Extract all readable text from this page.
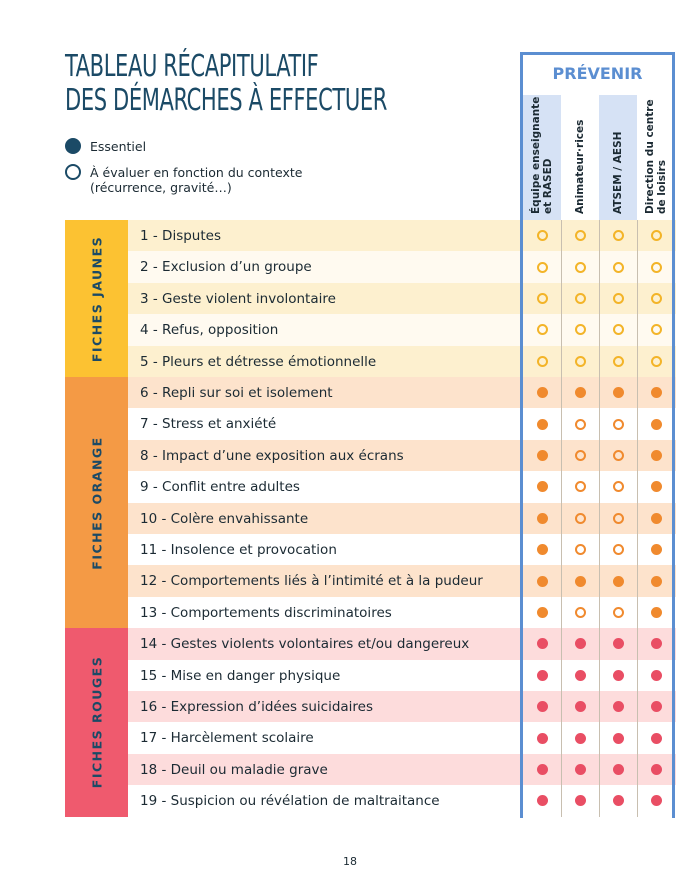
TABLEAU RÉCAPITULATIF
DES DÉMARCHES À EFFECTUER
Essentiel
À évaluer en fonction du contexte
(récurrence, gravité…)	Équipe enseignante et RASED Animateur·rices ATSEM / AESH Direction du centre de loisirs
PRÉVENIR
1 - Disputes
2 - Exclusion d’un groupe
3 - Geste violent involontaire
4 - Refus, opposition
5 - Pleurs et détresse émotionnelle
FICHES JAUNES
6 - Repli sur soi et isolement
7 - Stress et anxiété
8 - Impact d’une exposition aux écrans
9 - Conflit entre adultes
10 - Colère envahissante
11 - Insolence et provocation
12 - Comportements liés à l’intimité et à la pudeur
13 - Comportements discriminatoires
FICHES ORANGE
14 - Gestes violents volontaires et/ou dangereux
15 - Mise en danger physique
16 - Expression d’idées suicidaires
17 - Harcèlement scolaire
18 - Deuil ou maladie grave
19 - Suspicion ou révélation de maltraitance
FICHES ROUGES
18
